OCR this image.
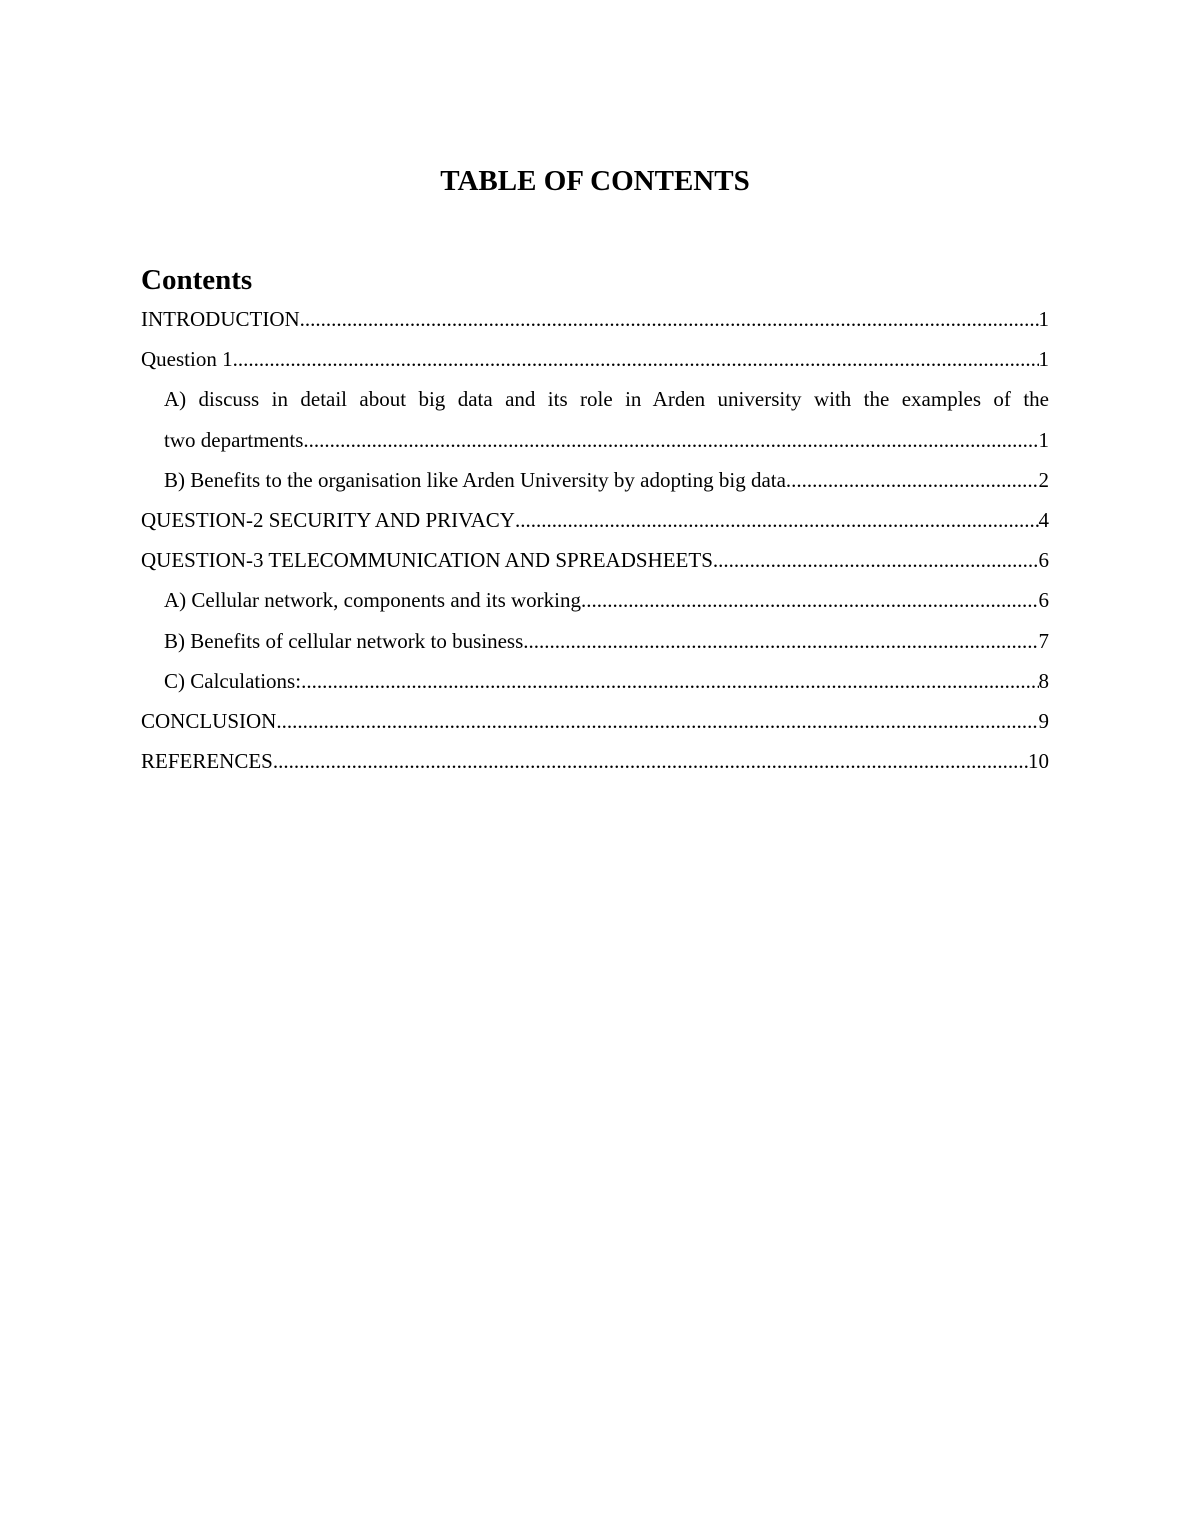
TABLE OF CONTENTS
Contents
INTRODUCTION .....	1
Question 1 .....	1
A) discuss in detail about big data and its role in Arden university with the examples of the
two departments .....	1
B) Benefits to the organisation like Arden University by adopting big data. .....	2
QUESTION-2 SECURITY AND PRIVACY .....	4
QUESTION-3 TELECOMMUNICATION AND SPREADSHEETS .....	6
A) Cellular network, components and its working .....	6
B) Benefits of cellular network to business .....	7
C) Calculations: .....	8
CONCLUSION .....	9
REFERENCES .....	10
